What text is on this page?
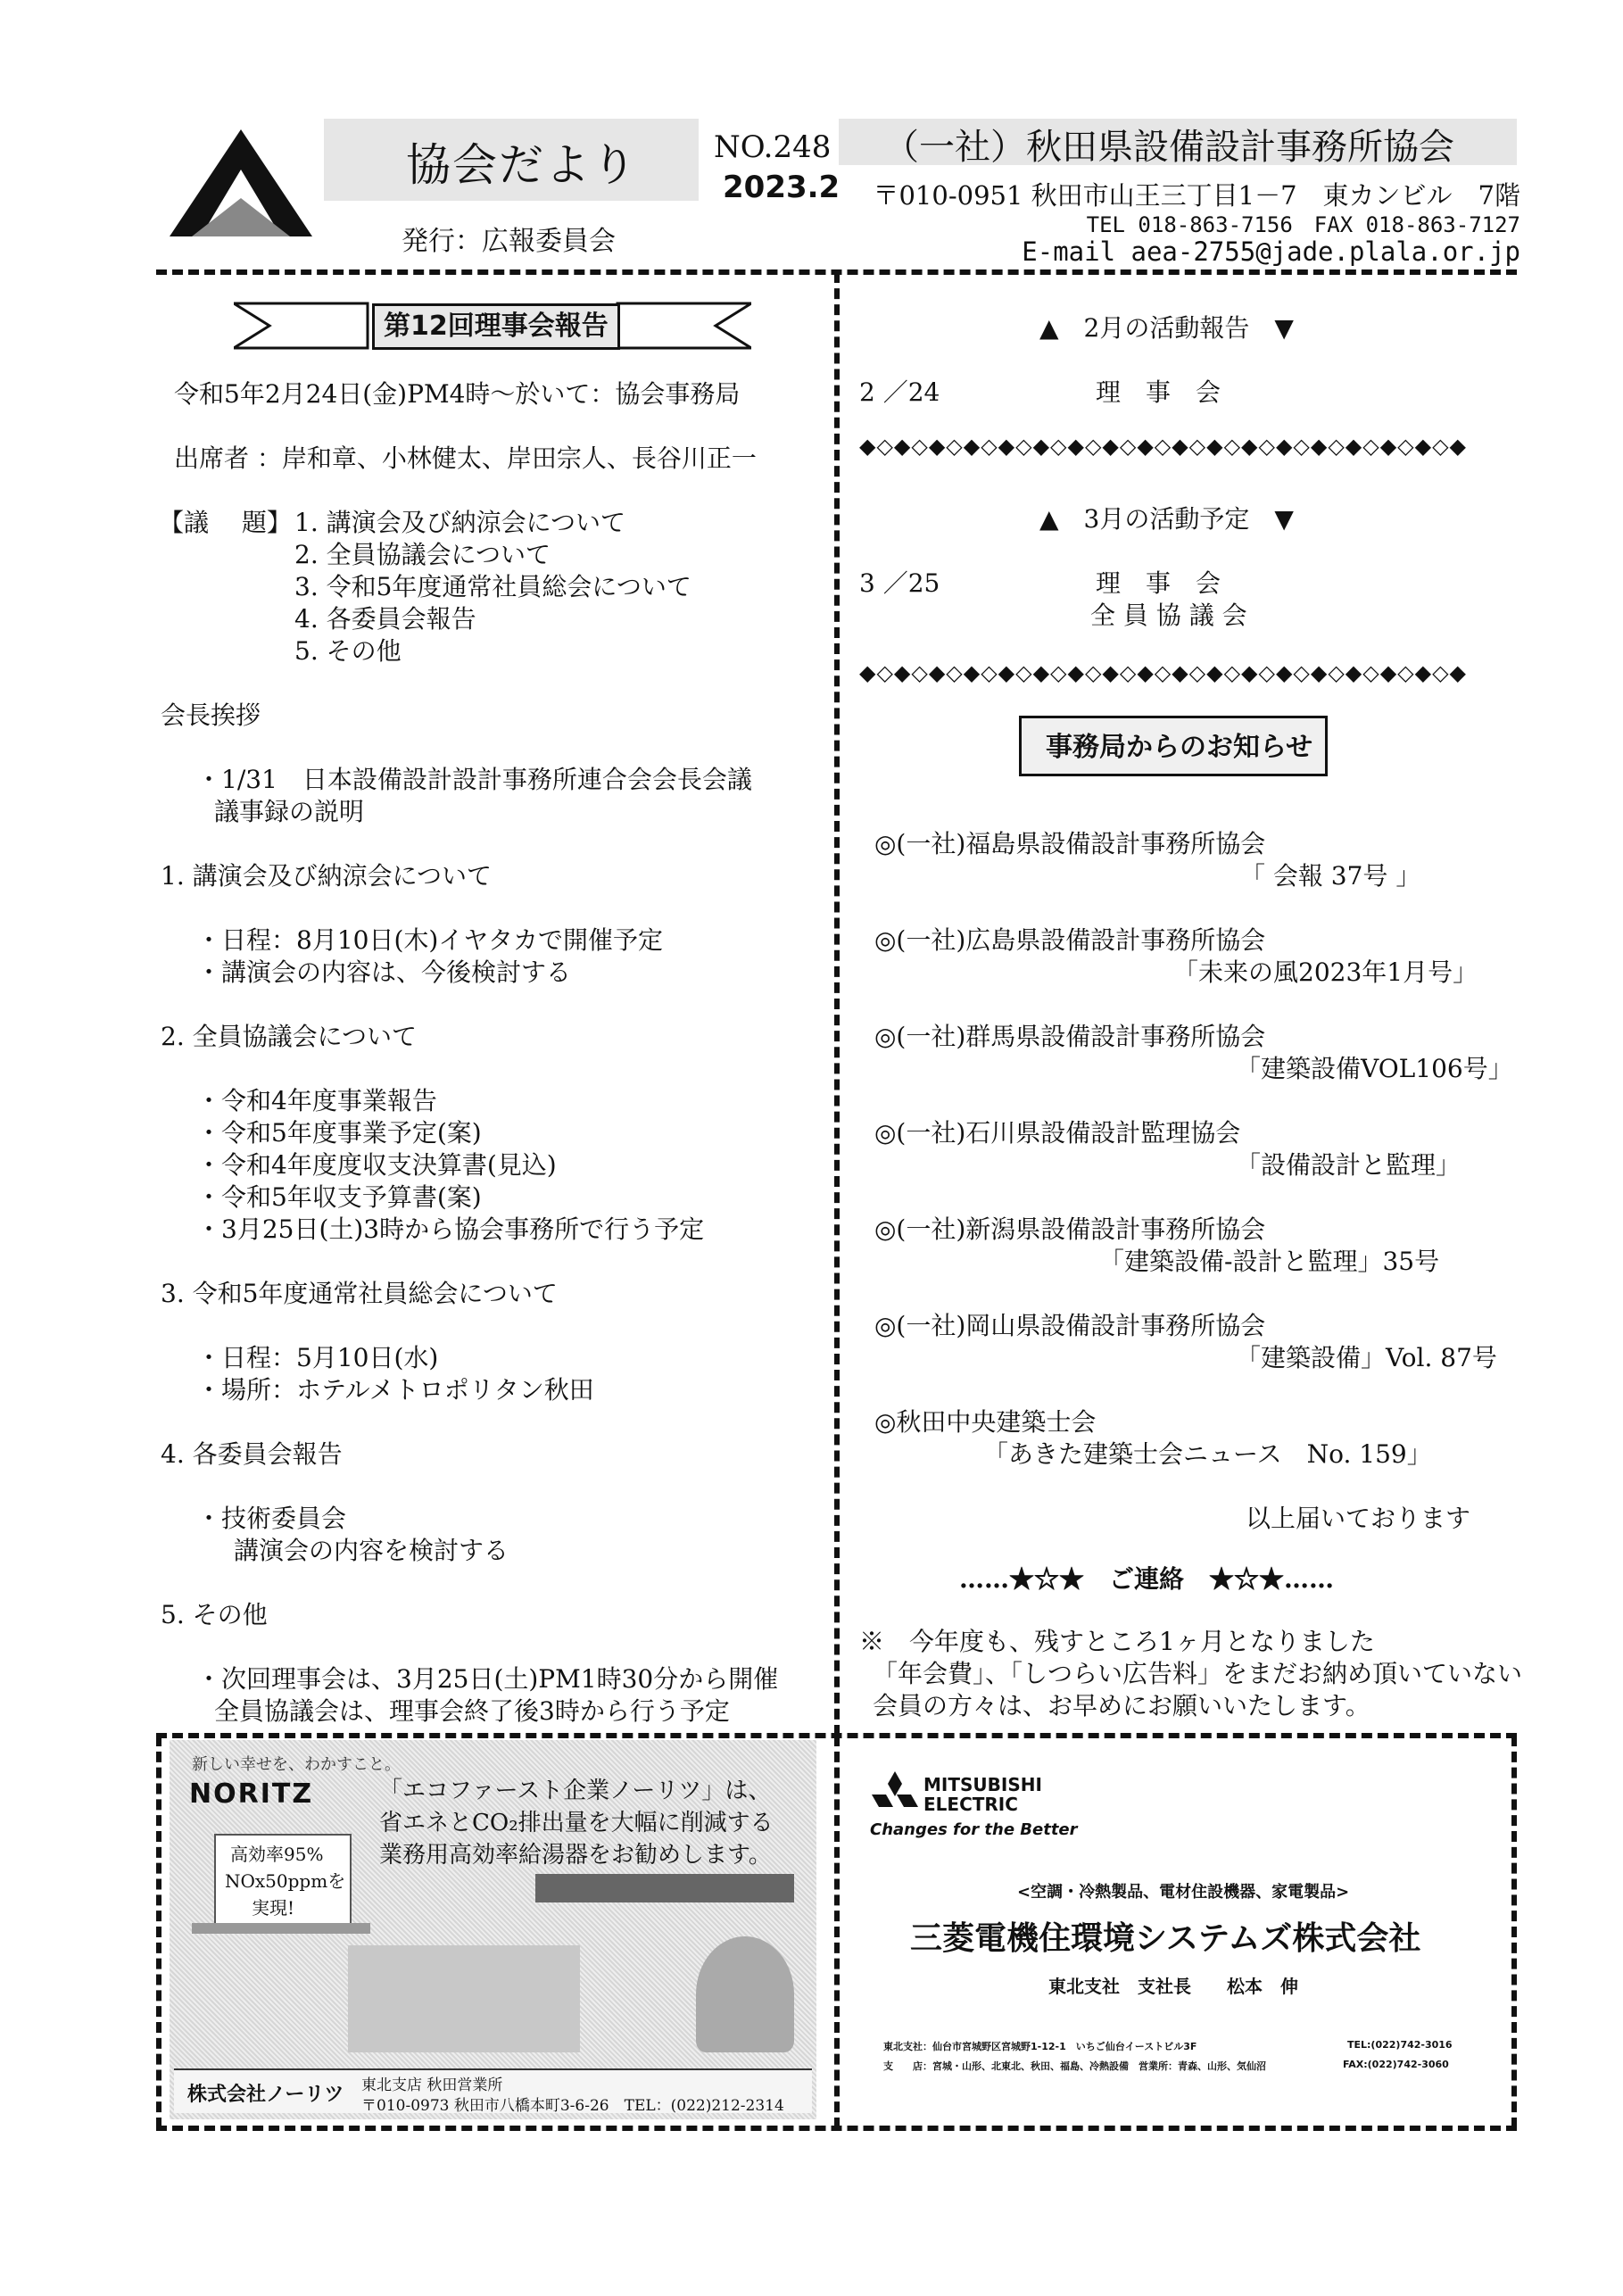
協会だより	NO.248
2023.2
発行：広報委員会
（一社）秋田県設備設計事務所協会
〒010-0951 秋田市山王三丁目1－7　東カンビル　7階
TEL 018-863-7156　FAX 018-863-7127
E-mail aea-2755@jade.plala.or.jp
第12回理事会報告
令和5年2月24日(金)PM4時～於いて：協会事務局
出席者 ：岸和章、小林健太、岸田宗人、長谷川正一
【議　 題】 1. 講演会及び納涼会について
2. 全員協議会について
3. 令和5年度通常社員総会について
4. 各委員会報告
5. その他
会長挨拶
・1/31　日本設備設計設計事務所連合会会長会議
議事録の説明
1. 講演会及び納涼会について
・日程：8月10日(木)イヤタカで開催予定
・講演会の内容は、今後検討する
2. 全員協議会について
・令和4年度事業報告
・令和5年度事業予定(案)
・令和4年度度収支決算書(見込)
・令和5年収支予算書(案)
・3月25日(土)3時から協会事務所で行う予定
3. 令和5年度通常社員総会について
・日程：5月10日(水)
・場所：ホテルメトロポリタン秋田
4. 各委員会報告
・技術委員会
講演会の内容を検討する
5. その他
・次回理事会は、3月25日(土)PM1時30分から開催
全員協議会は、理事会終了後3時から行う予定
▲　2月の活動報告　▼
2 ／24	理　事　会
◆◇◆◇◆◇◆◇◆◇◆◇◆◇◆◇◆◇◆◇◆◇◆◇◆◇◆◇◆◇◆◇◆◇◆
▲　3月の活動予定　▼
3 ／25	理　事　会
全 員 協 議 会
◆◇◆◇◆◇◆◇◆◇◆◇◆◇◆◇◆◇◆◇◆◇◆◇◆◇◆◇◆◇◆◇◆◇◆
事務局からのお知らせ
◎(一社)福島県設備設計事務所協会
「 会報 37号 」
◎(一社)広島県設備設計事務所協会
「未来の風2023年1月号」
◎(一社)群馬県設備設計事務所協会
「建築設備VOL106号」
◎(一社)石川県設備設計監理協会
「設備設計と監理」
◎(一社)新潟県設備設計事務所協会
「建築設備-設計と監理」35号
◎(一社)岡山県設備設計事務所協会
「建築設備」Vol. 87号
◎秋田中央建築士会
「あきた建築士会ニュース　No. 159」
以上届いております
……★☆★　ご連絡　★☆★……
※　今年度も、残すところ1ヶ月となりました
「年会費」、「しつらい広告料」をまだお納め頂いていない
会員の方々は、お早めにお願いいたします。
新しい幸せを、わかすこと。
NORITZ
高効率95%
NOx50ppmを
実現!
「エコファースト企業ノーリツ」は、
省エネとCO₂排出量を大幅に削減する
業務用高効率給湯器をお勧めします。
株式会社ノーリツ 東北支店 秋田営業所
〒010-0973 秋田市八橋本町3-6-26　TEL：(022)212-2314
MITSUBISHI
ELECTRIC
Changes for the Better
<空調・冷熱製品、電材住設機器、家電製品>
三菱電機住環境システムズ株式会社
東北支社　支社長　　松本　伸
東北支社：仙台市宮城野区宮城野1-12-1　いちご仙台イーストビル3F	TEL:(022)742-3016
支　　店：宮城・山形、北東北、秋田、福島、冷熱設備　営業所：青森、山形、気仙沼	FAX:(022)742-3060
